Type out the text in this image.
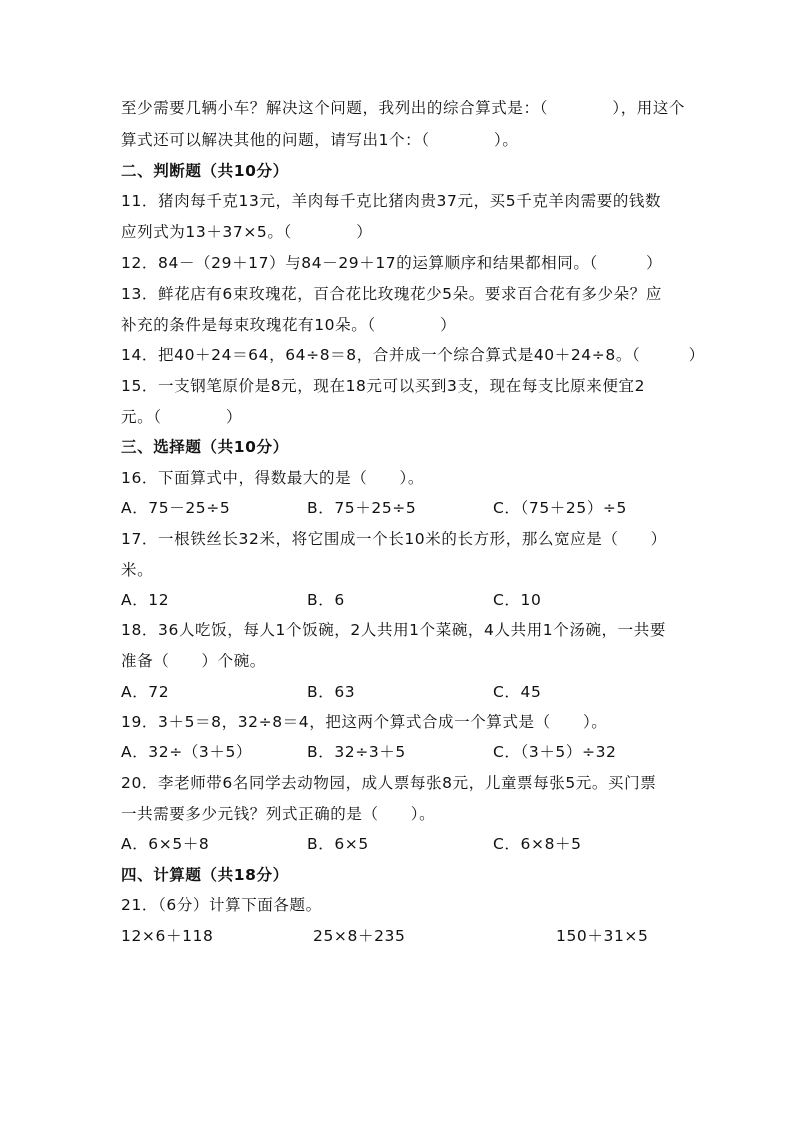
至少需要几辆小车？解决这个问题，我列出的综合算式是：（　　　　），用这个
算式还可以解决其他的问题，请写出1个：（　　　　）。
二、判断题（共10分）
11．猪肉每千克13元，羊肉每千克比猪肉贵37元，买5千克羊肉需要的钱数
应列式为13＋37×5。（　　　　）
12．84－（29＋17）与84－29＋17的运算顺序和结果都相同。（　　　）
13．鲜花店有6束玫瑰花，百合花比玫瑰花少5朵。要求百合花有多少朵？应
补充的条件是每束玫瑰花有10朵。（　　　　）
14．把40＋24＝64，64÷8＝8，合并成一个综合算式是40＋24÷8。（　　　）
15．一支钢笔原价是8元，现在18元可以买到3支，现在每支比原来便宜2
元。（　　　　）
三、选择题（共10分）
16．下面算式中，得数最大的是（　　）。
A．75－25÷5	B．75＋25÷5	C．（75＋25）÷5
17．一根铁丝长32米，将它围成一个长10米的长方形，那么宽应是（　　）
米。
A．12	B．6	C．10
18．36人吃饭，每人1个饭碗，2人共用1个菜碗，4人共用1个汤碗，一共要
准备（　　）个碗。
A．72	B．63	C．45
19．3＋5＝8，32÷8＝4，把这两个算式合成一个算式是（　　）。
A．32÷（3＋5）	B．32÷3＋5	C．（3＋5）÷32
20．李老师带6名同学去动物园，成人票每张8元，儿童票每张5元。买门票
一共需要多少元钱？列式正确的是（　　）。
A．6×5＋8	B．6×5	C．6×8＋5
四、计算题（共18分）
21．（6分）计算下面各题。
12×6＋118	25×8＋235	150＋31×5
